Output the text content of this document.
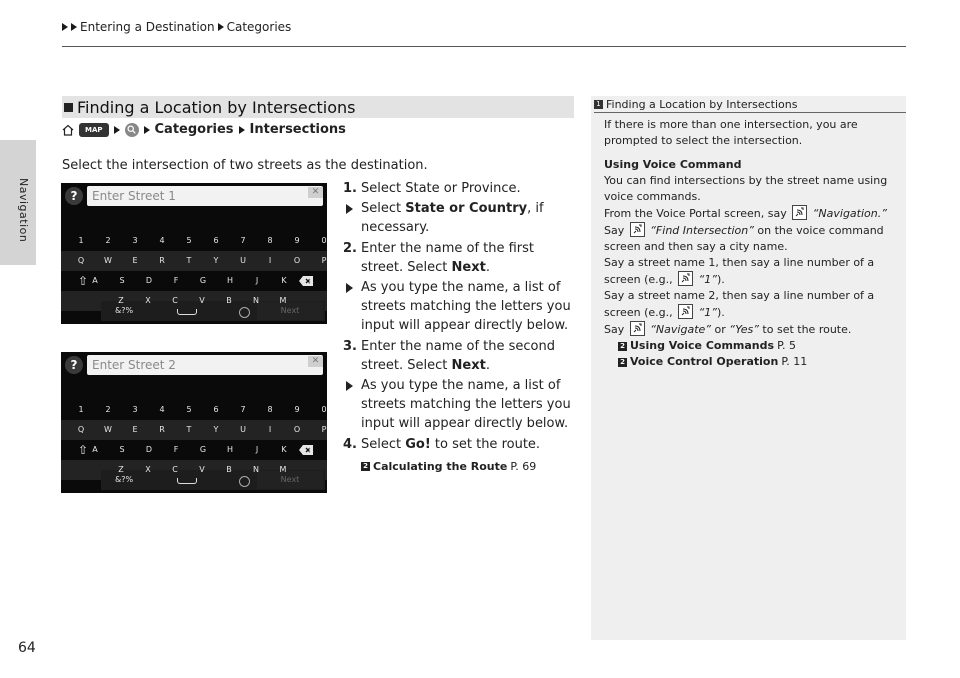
Entering a Destination Categories
Navigation
64
Finding a Location by Intersections
MAP	Categories Intersections
Select the intersection of two streets as the destination.
?	Enter Street 1	✕
⇧
&?%	Next
1	2	3	4	5	6	7	8	9	0
Q	W	E	R	T	Y	U	I	O	P
A	S	D	F	G	H	J	K	L
Z	X	C	V	B	N	M
?	Enter Street 2	✕
⇧
&?%	Next
1	2	3	4	5	6	7	8	9	0
Q	W	E	R	T	Y	U	I	O	P
A	S	D	F	G	H	J	K	L
Z	X	C	V	B	N	M
1. Select State or Province.
Select State or Country, if necessary.
2. Enter the name of the first street. Select Next.
As you type the name, a list of streets matching the letters you input will appear directly below.
3. Enter the name of the second street. Select Next.
As you type the name, a list of streets matching the letters you input will appear directly below.
4. Select Go! to set the route.
2 Calculating the Route P. 69
1 Finding a Location by Intersections

If there is more than one intersection, you are prompted to select the intersection.

Using Voice Command

You can find intersections by the street name using voice commands.

From the Voice Portal screen, say “Navigation.”

Say “Find Intersection” on the voice command screen and then say a city name.

Say a street name 1, then say a line number of a screen (e.g., “1”).

Say a street name 2, then say a line number of a screen (e.g., “1”).

Say “Navigate” or “Yes” to set the route.

2 Using Voice Commands P. 5
2 Voice Control Operation P. 11
